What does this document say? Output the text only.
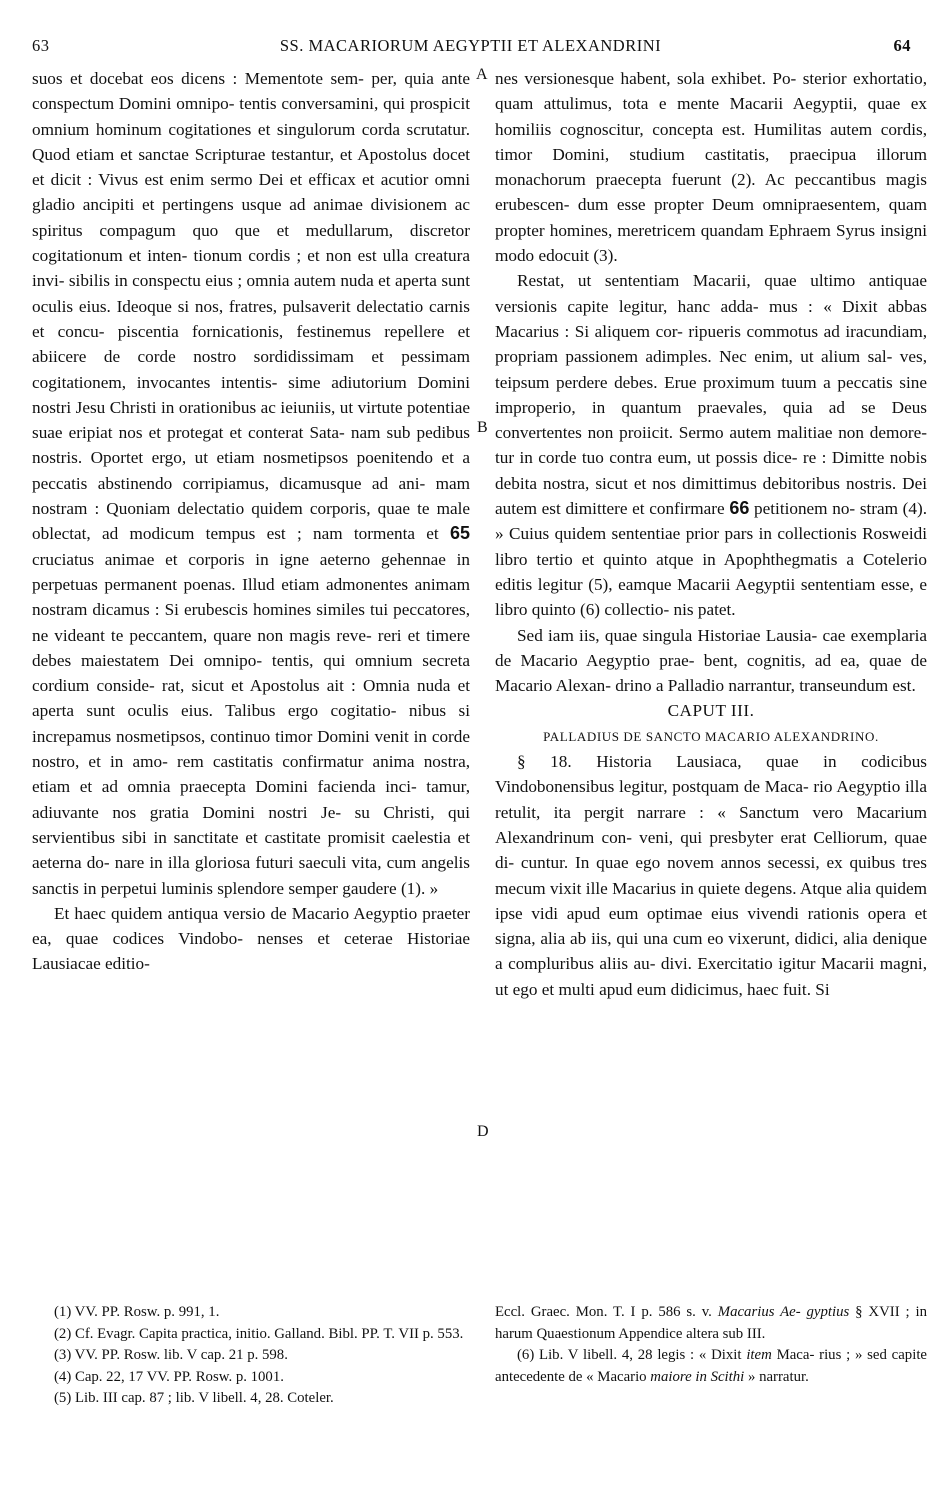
63	SS. MACARIORUM AEGYPTII ET ALEXANDRINI	64
A
B
D

suos et docebat eos dicens : Mementote sem- per, quia ante conspectum Domini omnipo- tentis conversamini, qui prospicit omnium hominum cogitationes et singulorum corda scrutatur. Quod etiam et sanctae Scripturae testantur, et Apostolus docet et dicit : Vivus est enim sermo Dei et efficax et acutior omni gladio ancipiti et pertingens usque ad animae divisionem ac spiritus compagum quo que et medullarum, discretor cogitationum et inten- tionum cordis ; et non est ulla creatura invi- sibilis in conspectu eius ; omnia autem nuda et aperta sunt oculis eius. Ideoque si nos, fratres, pulsaverit delectatio carnis et concu- piscentia fornicationis, festinemus repellere et abiicere de corde nostro sordidissimam et pessimam cogitationem, invocantes intentis- sime adiutorium Domini nostri Jesu Christi in orationibus ac ieiuniis, ut virtute potentiae suae eripiat nos et protegat et conterat Sata- nam sub pedibus nostris. Oportet ergo, ut etiam nosmetipsos poenitendo et a peccatis abstinendo corripiamus, dicamusque ad ani- mam nostram : Quoniam delectatio quidem corporis, quae te male oblectat, ad modicum tempus est ; nam tormenta et 65 cruciatus animae et corporis in igne aeterno gehennae in perpetuas permanent poenas. Illud etiam admonentes animam nostram dicamus : Si erubescis homines similes tui peccatores, ne videant te peccantem, quare non magis reve- reri et timere debes maiestatem Dei omnipo- tentis, qui omnium secreta cordium conside- rat, sicut et Apostolus ait : Omnia nuda et aperta sunt oculis eius. Talibus ergo cogitatio- nibus si increpamus nosmetipsos, continuo timor Domini venit in corde nostro, et in amo- rem castitatis confirmatur anima nostra, etiam et ad omnia praecepta Domini facienda inci- tamur, adiuvante nos gratia Domini nostri Je- su Christi, qui servientibus sibi in sanctitate et castitate promisit caelestia et aeterna do- nare in illa gloriosa futuri saeculi vita, cum angelis sanctis in perpetui luminis splendore semper gaudere (1). »

Et haec quidem antiqua versio de Macario Aegyptio praeter ea, quae codices Vindobo- nenses et ceterae Historiae Lausiacae editio-

nes versionesque habent, sola exhibet. Po- sterior exhortatio, quam attulimus, tota e mente Macarii Aegyptii, quae ex homiliis cognoscitur, concepta est. Humilitas autem cordis, timor Domini, studium castitatis, praecipua illorum monachorum praecepta fuerunt (2). Ac peccantibus magis erubescen- dum esse propter Deum omnipraesentem, quam propter homines, meretricem quandam Ephraem Syrus insigni modo edocuit (3).

Restat, ut sententiam Macarii, quae ultimo antiquae versionis capite legitur, hanc adda- mus : « Dixit abbas Macarius : Si aliquem cor- ripueris commotus ad iracundiam, propriam passionem adimples. Nec enim, ut alium sal- ves, teipsum perdere debes. Erue proximum tuum a peccatis sine improperio, in quantum praevales, quia ad se Deus convertentes non proiicit. Sermo autem malitiae non demore- tur in corde tuo contra eum, ut possis dice- re : Dimitte nobis debita nostra, sicut et nos dimittimus debitoribus nostris. Dei autem est dimittere et confirmare 66 petitionem no- stram (4). » Cuius quidem sententiae prior pars in collectionis Rosweidi libro tertio et quinto atque in Apophthegmatis a Cotelerio editis legitur (5), eamque Macarii Aegyptii sententiam esse, e libro quinto (6) collectio- nis patet.

Sed iam iis, quae singula Historiae Lausia- cae exemplaria de Macario Aegyptio prae- bent, cognitis, ad ea, quae de Macario Alexan- drino a Palladio narrantur, transeundum est.

CAPUT III.

PALLADIUS DE SANCTO MACARIO ALEXANDRINO.

§ 18. Historia Lausiaca, quae in codicibus Vindobonensibus legitur, postquam de Maca- rio Aegyptio illa retulit, ita pergit narrare : « Sanctum vero Macarium Alexandrinum con- veni, qui presbyter erat Celliorum, quae di- cuntur. In quae ego novem annos secessi, ex quibus tres mecum vixit ille Macarius in quiete degens. Atque alia quidem ipse vidi apud eum optimae eius vivendi rationis opera et signa, alia ab iis, qui una cum eo vixerunt, didici, alia denique a compluribus aliis au- divi. Exercitatio igitur Macarii magni, ut ego et multi apud eum didicimus, haec fuit. Si

(1) VV. PP. Rosw. p. 991, 1.

(2) Cf. Evagr. Capita practica, initio. Galland. Bibl. PP. T. VII p. 553.

(3) VV. PP. Rosw. lib. V cap. 21 p. 598.

(4) Cap. 22, 17 VV. PP. Rosw. p. 1001.

(5) Lib. III cap. 87 ; lib. V libell. 4, 28. Coteler.

Eccl. Graec. Mon. T. I p. 586 s. v. Macarius Ae- gyptius § XVII ; in harum Quaestionum Appendice altera sub III.

(6) Lib. V libell. 4, 28 legis : « Dixit item Maca- rius ; » sed capite antecedente de « Macario maiore in Scithi » narratur.
